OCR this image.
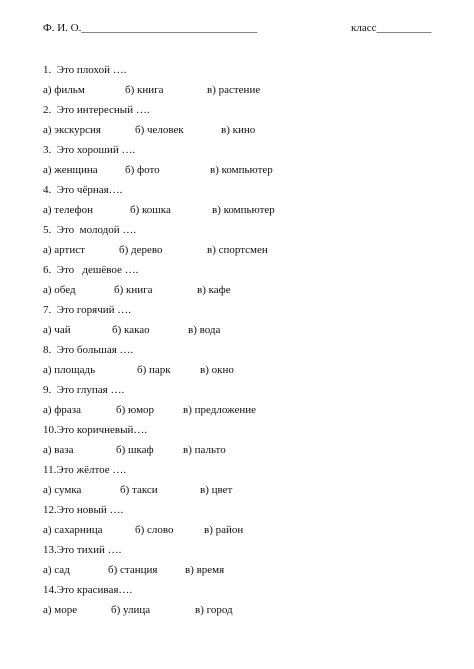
Ф. И. О.________________________________	класс__________
1.  Это плохой ….
а) фильм	б) книга	в) растение
2.  Это интересный ….
а) экскурсия	б) человек	в) кино
3.  Это хороший ….
а) женщина б) фото	в) компьютер
4.  Это чёрная….
а) телефон	б) кошка	в) компьютер
5.  Это  молодой ….
а) артист	б) дерево	в) спортсмен
6.  Это   дешёвое ….
а) обед	б) книга	в) кафе
7.  Это горячий ….
а) чай	б) какао	в) вода
8.  Это большая ….
а) площадь	б) парк	в) окно
9.  Это глупая ….
а) фраза	б) юмор	в) предложение
10.Это коричневый….
а) ваза	б) шкаф	в) пальто
11.Это жёлтое ….
а) сумка	б) такси	в) цвет
12.Это новый ….
а) сахарница	б) слово	в) район
13.Это тихий ….
а) сад	б) станция	в) время
14.Это красивая….
а) море	б) улица	в) город
